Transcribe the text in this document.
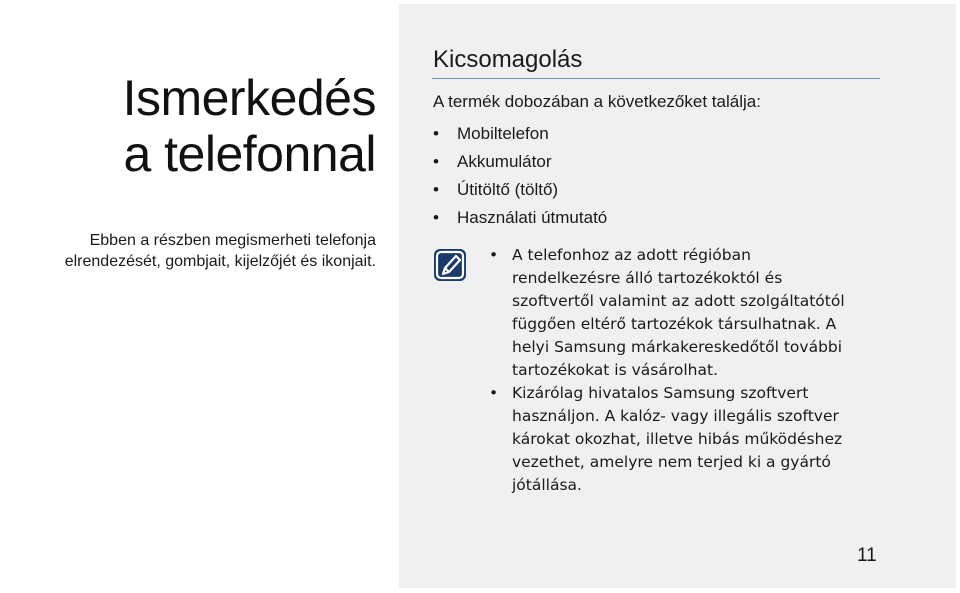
Ismerkedés
a telefonnal

Ebben a részben megismerheti telefonja
elrendezését, gombjait, kijelzőjét és ikonjait.

Kicsomagolás

A termék dobozában a következőket találja:

• Mobiltelefon
• Akkumulátor
• Útitöltő (töltő)
• Használati útmutató
• A telefonhoz az adott régióban rendelkezésre álló tartozékoktól és szoftvertől valamint az adott szolgáltatótól függően eltérő tartozékok társulhatnak. A helyi Samsung márkakereskedőtől további tartozékokat is vásárolhat.
• Kizárólag hivatalos Samsung szoftvert használjon. A kalóz- vagy illegális szoftver károkat okozhat, illetve hibás működéshez vezethet, amelyre nem terjed ki a gyártó jótállása.

11
